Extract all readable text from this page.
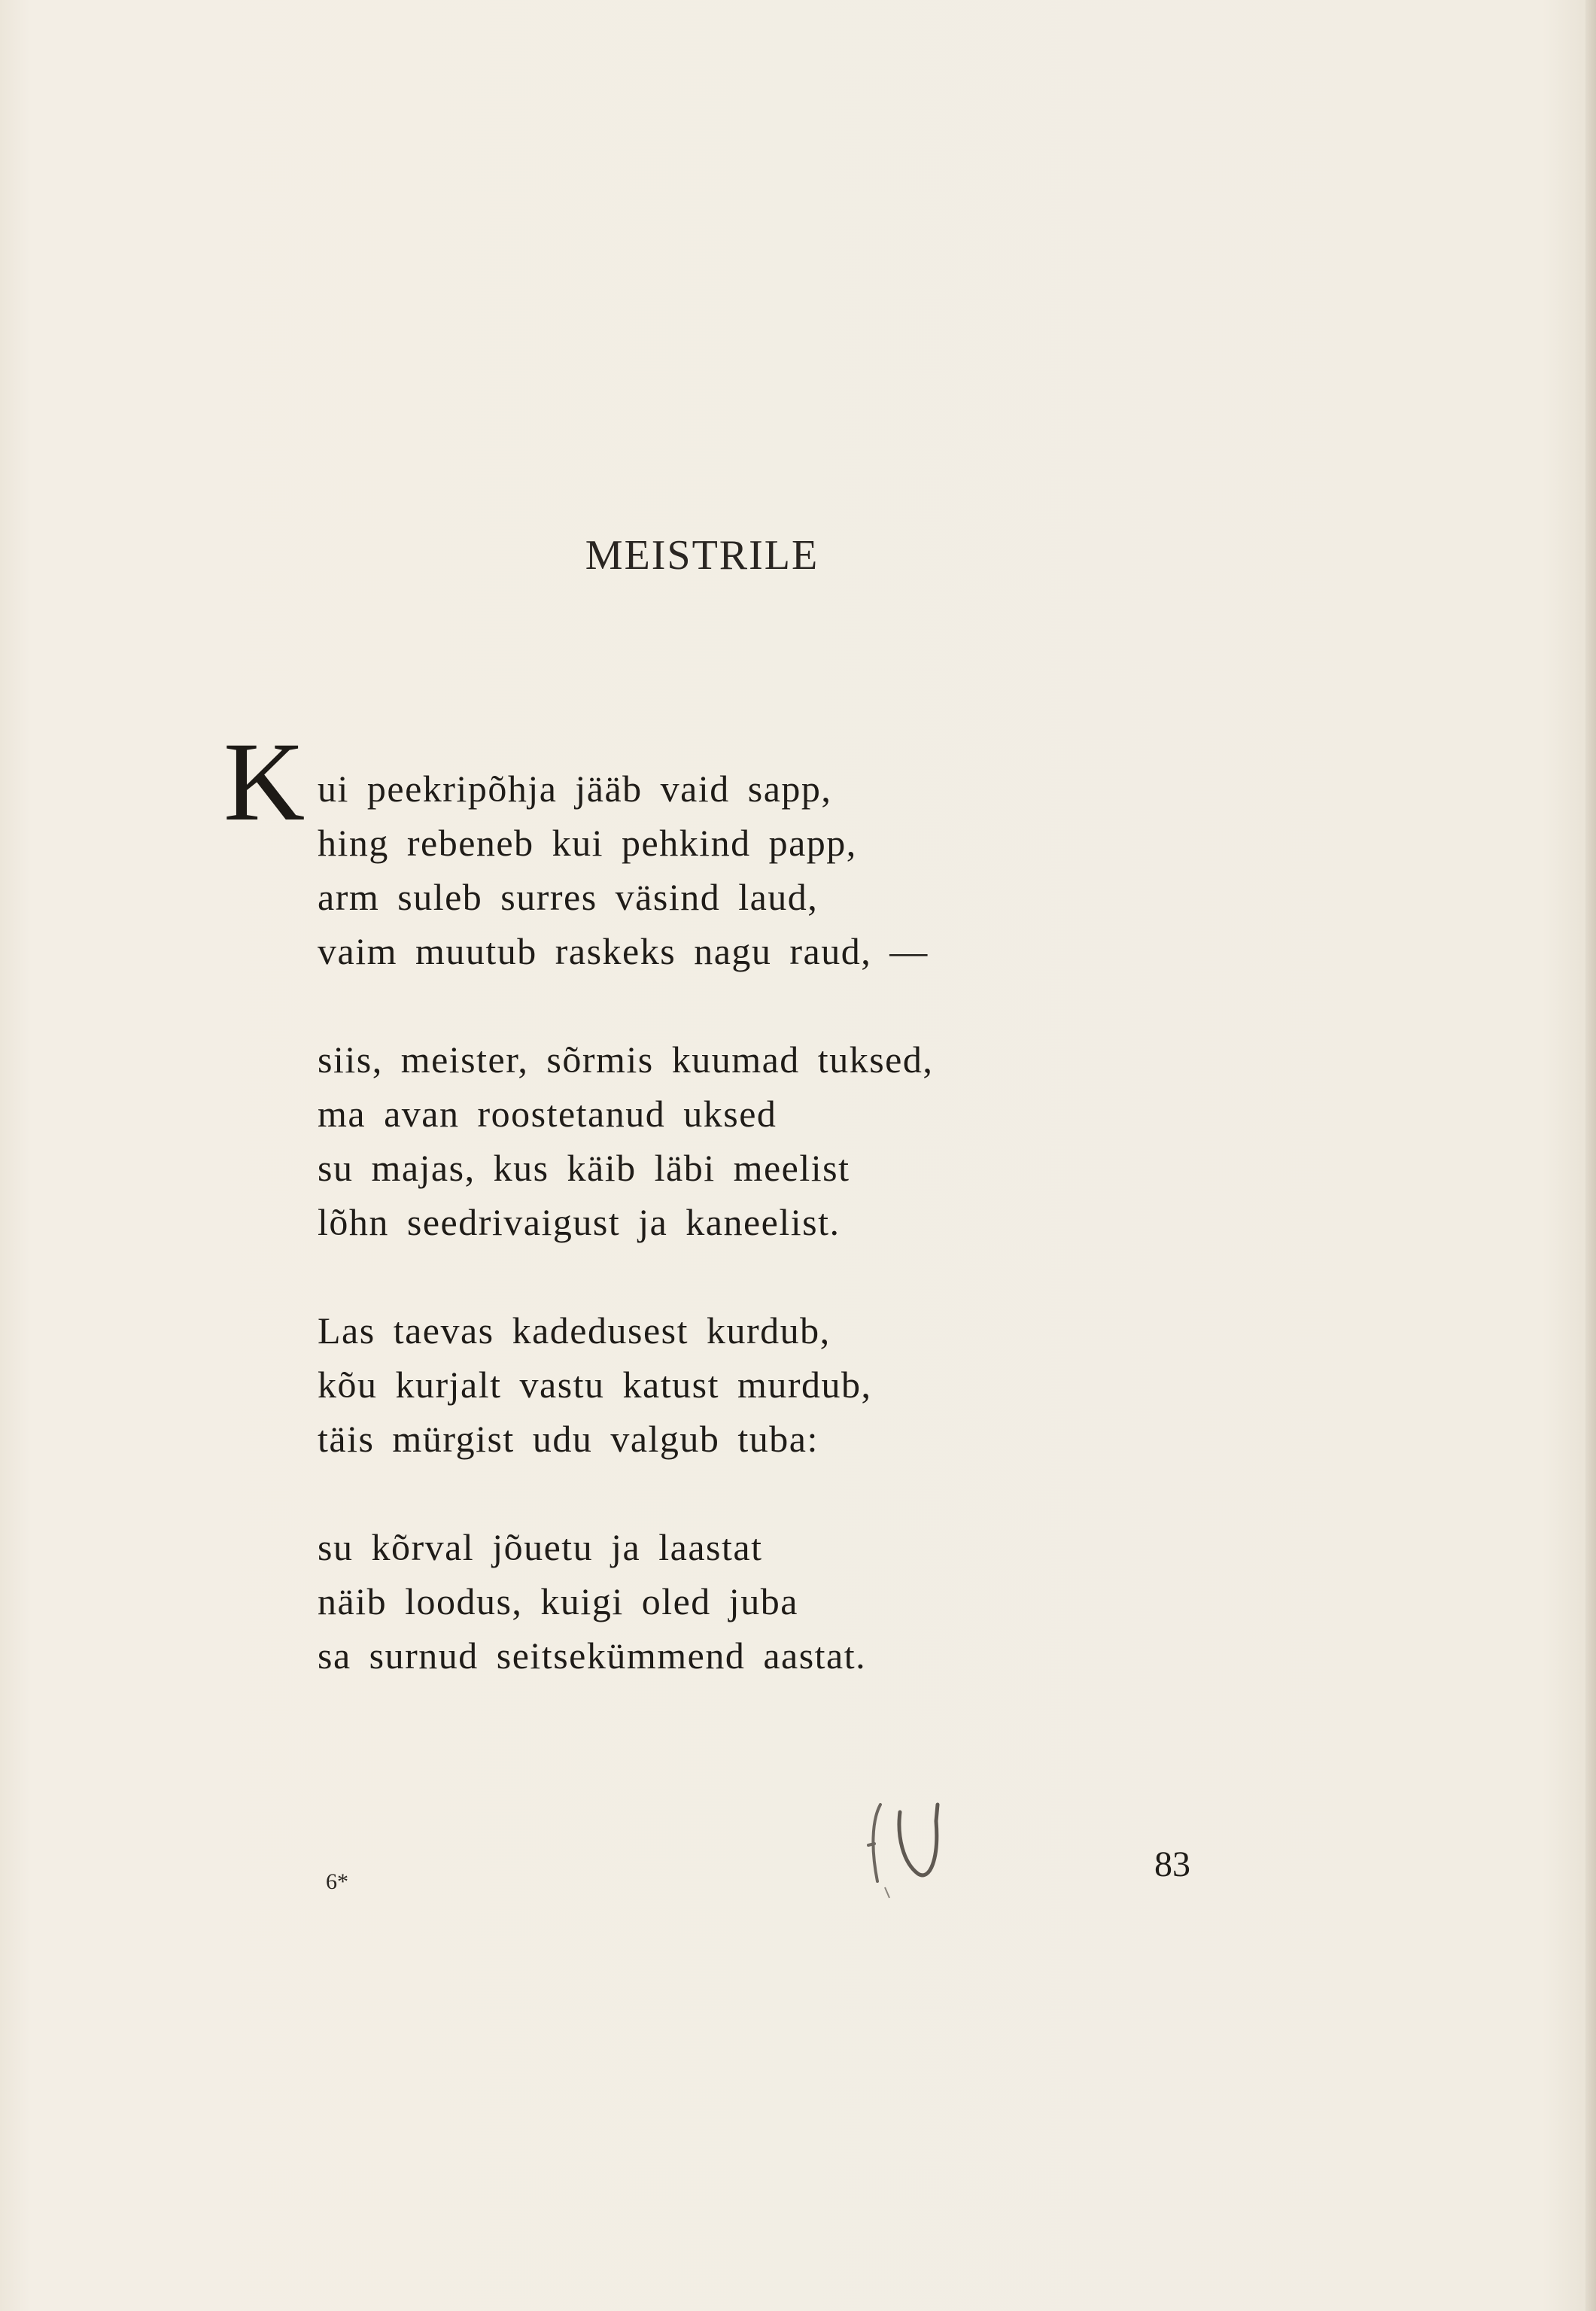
MEISTRILE
K ui peekripõhja jääb vaid sapp,
hing rebeneb kui pehkind papp,
arm suleb surres väsind laud,
vaim muutub raskeks nagu raud, —
siis, meister, sõrmis kuumad tuksed,
ma avan roostetanud uksed
su majas, kus käib läbi meelist
lõhn seedrivaigust ja kaneelist.
Las taevas kadedusest kurdub,
kõu kurjalt vastu katust murdub,
täis mürgist udu valgub tuba:
su kõrval jõuetu ja laastat
näib loodus, kuigi oled juba
sa surnud seitsekümmend aastat.
6*	83
